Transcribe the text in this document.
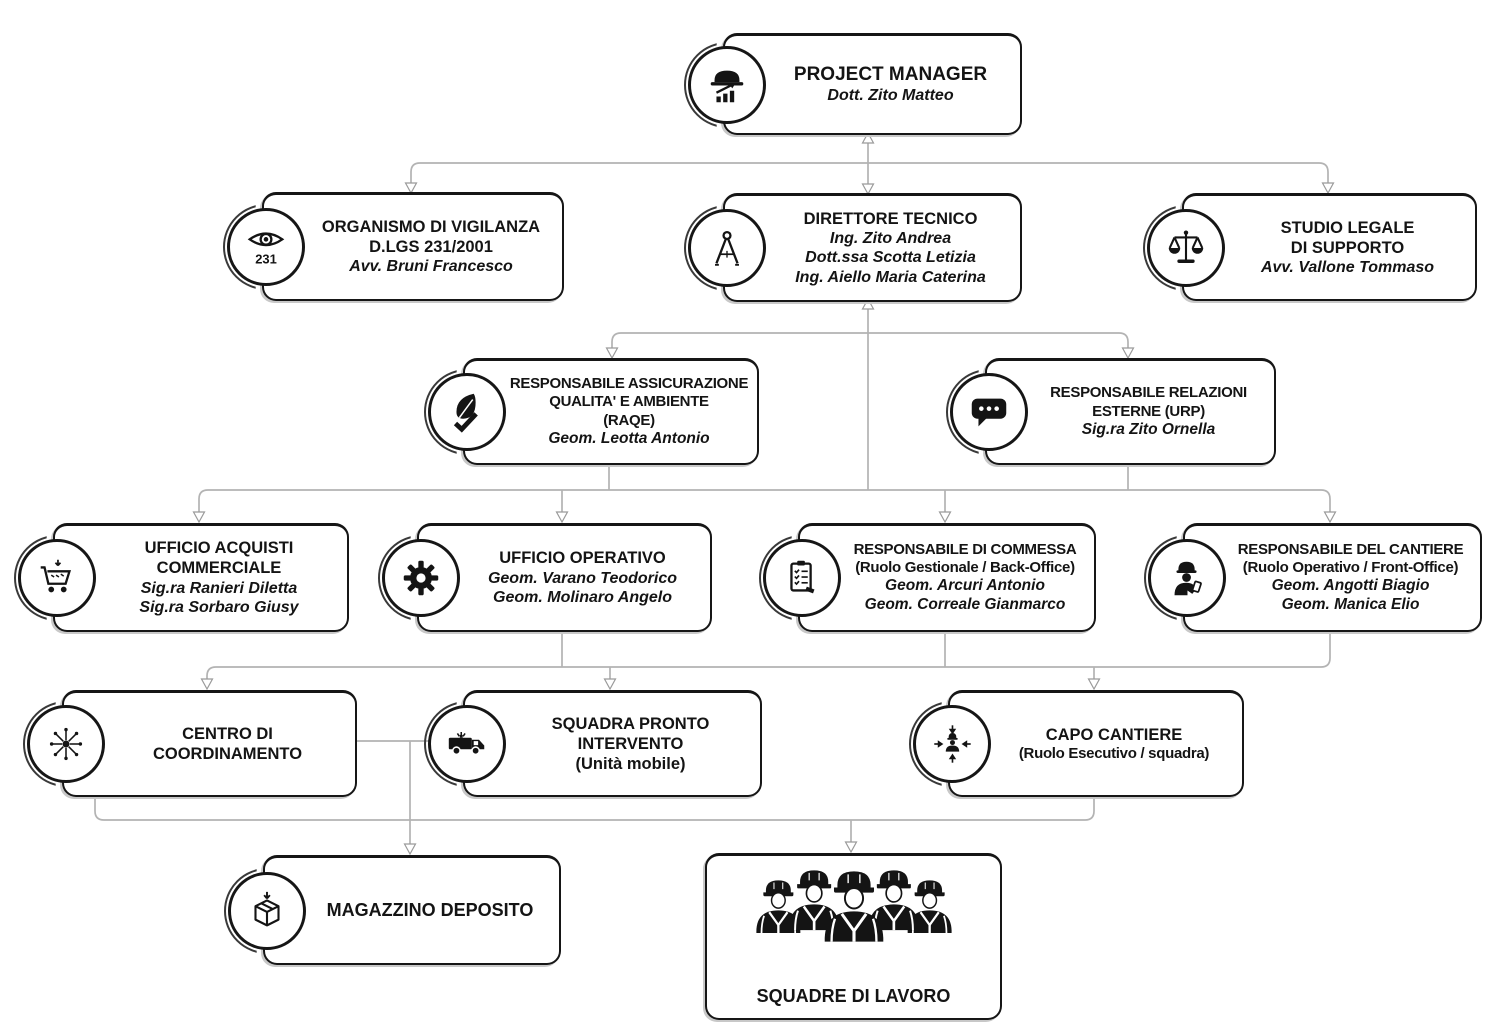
PROJECT MANAGER
Dott. Zito Matteo
231
ORGANISMO DI VIGILANZA
D.LGS 231/2001
Avv. Bruni Francesco
DIRETTORE TECNICO
Ing. Zito Andrea
Dott.ssa Scotta Letizia
Ing. Aiello Maria Caterina
STUDIO LEGALE
DI SUPPORTO
Avv. Vallone Tommaso
RESPONSABILE ASSICURAZIONE
QUALITA' E AMBIENTE
(RAQE)
Geom. Leotta Antonio
RESPONSABILE RELAZIONI
ESTERNE (URP)
Sig.ra Zito Ornella
UFFICIO ACQUISTI
COMMERCIALE
Sig.ra Ranieri Diletta
Sig.ra Sorbaro Giusy
UFFICIO OPERATIVO
Geom. Varano Teodorico
Geom. Molinaro Angelo
RESPONSABILE DI COMMESSA
(Ruolo Gestionale / Back-Office)
Geom. Arcuri Antonio
Geom. Correale Gianmarco
RESPONSABILE DEL CANTIERE
(Ruolo Operativo / Front-Office)
Geom. Angotti Biagio
Geom. Manica Elio
CENTRO DI
COORDINAMENTO
SQUADRA PRONTO
INTERVENTO
(Unità mobile)
CAPO CANTIERE
(Ruolo Esecutivo / squadra)
MAGAZZINO DEPOSITO
SQUADRE DI LAVORO
